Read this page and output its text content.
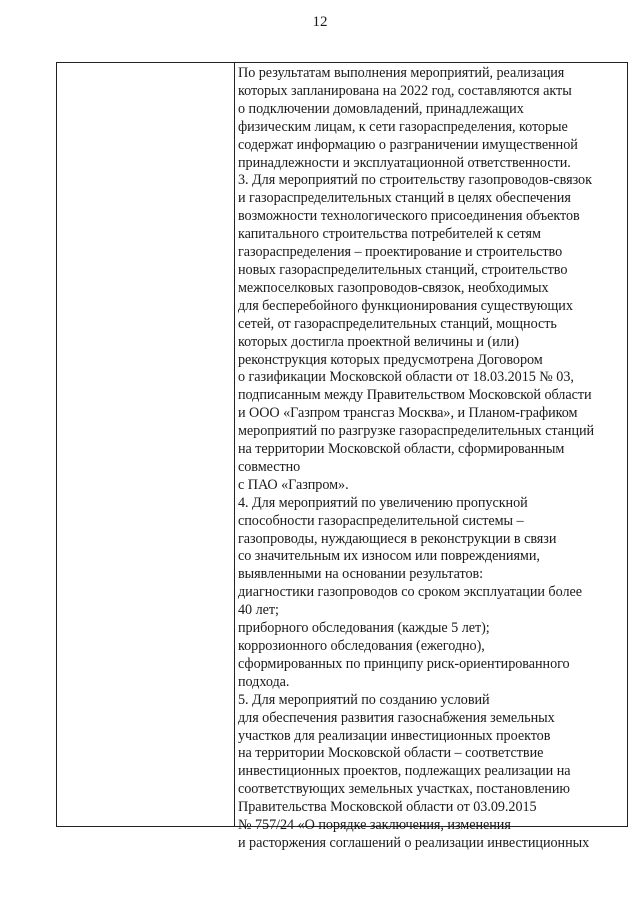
12
По результатам выполнения мероприятий, реализация
которых запланирована на 2022 год, составляются акты
о подключении домовладений, принадлежащих
физическим лицам, к сети газораспределения, которые
содержат информацию о разграничении имущественной
принадлежности и эксплуатационной ответственности.
3. Для мероприятий по строительству газопроводов-связок
и газораспределительных станций в целях обеспечения
возможности технологического присоединения объектов
капитального строительства потребителей к сетям
газораспределения – проектирование и строительство
новых газораспределительных станций, строительство
межпоселковых газопроводов-связок, необходимых
для бесперебойного функционирования существующих
сетей, от газораспределительных станций, мощность
которых достигла проектной величины и (или)
реконструкция которых предусмотрена Договором
о газификации Московской области от 18.03.2015 № 03,
подписанным между Правительством Московской области
и ООО «Газпром трансгаз Москва», и Планом-графиком
мероприятий по разгрузке газораспределительных станций
на территории Московской области, сформированным
совместно
с ПАО «Газпром».
4. Для мероприятий по увеличению пропускной
способности газораспределительной системы –
газопроводы, нуждающиеся в реконструкции в связи
со значительным их износом или повреждениями,
выявленными на основании результатов:
диагностики газопроводов со сроком эксплуатации более
40 лет;
приборного обследования (каждые 5 лет);
коррозионного обследования (ежегодно),
сформированных по принципу риск-ориентированного
подхода.
5. Для мероприятий по созданию условий
для обеспечения развития газоснабжения земельных
участков для реализации инвестиционных проектов
на территории Московской области – соответствие
инвестиционных проектов, подлежащих реализации на
соответствующих земельных участках, постановлению
Правительства Московской области от 03.09.2015
№ 757/24 «О порядке заключения, изменения
и расторжения соглашений о реализации инвестиционных
